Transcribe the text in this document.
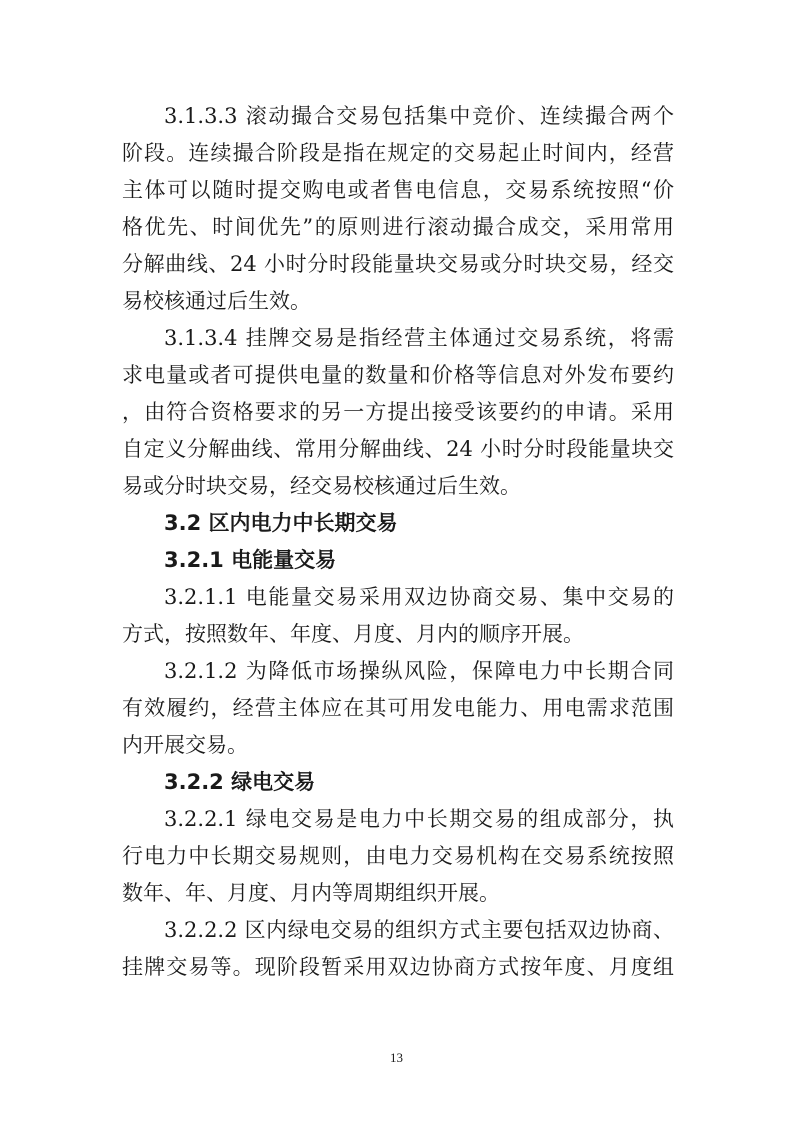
3.1.3.3 滚动撮合交易包括集中竞价、连续撮合两个
阶段。连续撮合阶段是指在规定的交易起止时间内，经营
主体可以随时提交购电或者售电信息，交易系统按照“价
格优先、时间优先”的原则进行滚动撮合成交，采用常用
分解曲线、24 小时分时段能量块交易或分时块交易，经交
易校核通过后生效。
3.1.3.4 挂牌交易是指经营主体通过交易系统，将需
求电量或者可提供电量的数量和价格等信息对外发布要约
，由符合资格要求的另一方提出接受该要约的申请。采用
自定义分解曲线、常用分解曲线、24 小时分时段能量块交
易或分时块交易，经交易校核通过后生效。
3.2 区内电力中长期交易
3.2.1 电能量交易
3.2.1.1 电能量交易采用双边协商交易、集中交易的
方式，按照数年、年度、月度、月内的顺序开展。
3.2.1.2 为降低市场操纵风险，保障电力中长期合同
有效履约，经营主体应在其可用发电能力、用电需求范围
内开展交易。
3.2.2 绿电交易
3.2.2.1 绿电交易是电力中长期交易的组成部分，执
行电力中长期交易规则，由电力交易机构在交易系统按照
数年、年、月度、月内等周期组织开展。
3.2.2.2 区内绿电交易的组织方式主要包括双边协商、
挂牌交易等。现阶段暂采用双边协商方式按年度、月度组
13
